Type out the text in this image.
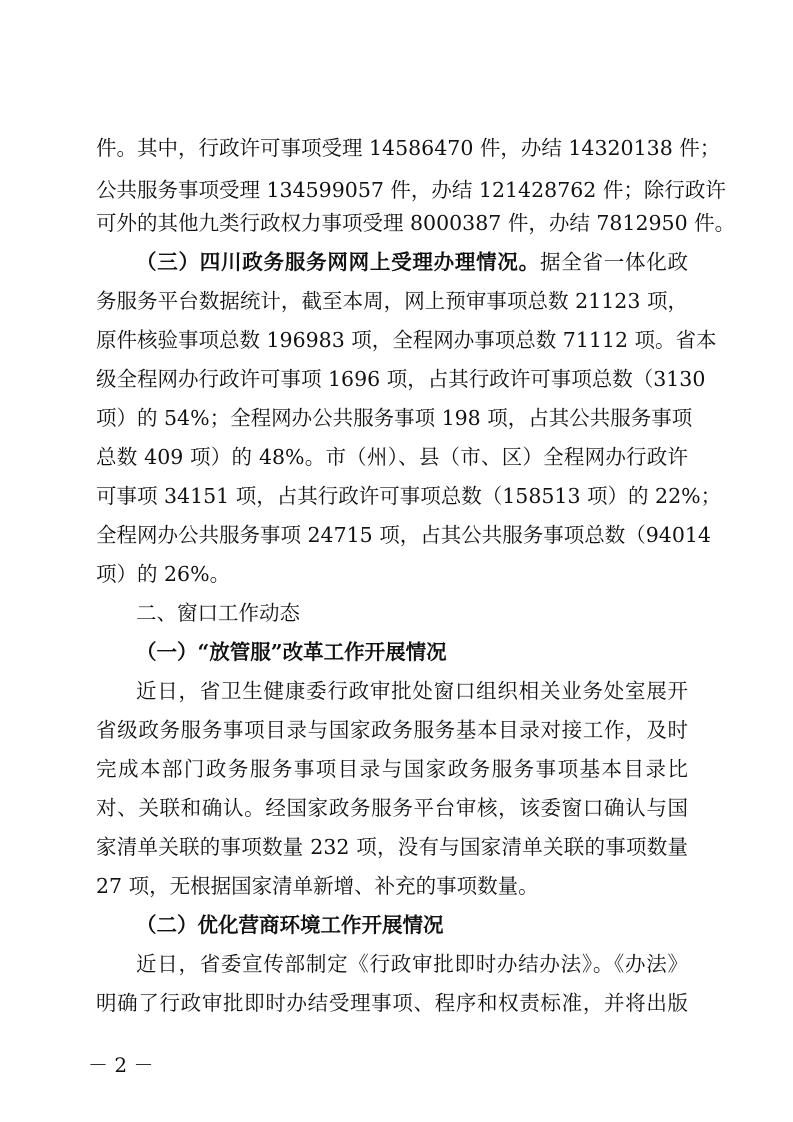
件。其中，行政许可事项受理 14586470 件，办结 14320138 件；
公共服务事项受理 134599057 件，办结 121428762 件；除行政许
可外的其他九类行政权力事项受理 8000387 件，办结 7812950 件。
（三）四川政务服务网网上受理办理情况。据全省一体化政
务服务平台数据统计，截至本周，网上预审事项总数 21123 项，
原件核验事项总数 196983 项，全程网办事项总数 71112 项。省本
级全程网办行政许可事项 1696 项，占其行政许可事项总数（3130
项）的 54%；全程网办公共服务事项 198 项，占其公共服务事项
总数 409 项）的 48%。市（州）、县（市、区）全程网办行政许
可事项 34151 项，占其行政许可事项总数（158513 项）的 22%；
全程网办公共服务事项 24715 项，占其公共服务事项总数（94014
项）的 26%。
二、窗口工作动态
（一）“放管服”改革工作开展情况
近日，省卫生健康委行政审批处窗口组织相关业务处室展开
省级政务服务事项目录与国家政务服务基本目录对接工作，及时
完成本部门政务服务事项目录与国家政务服务事项基本目录比
对、关联和确认。经国家政务服务平台审核，该委窗口确认与国
家清单关联的事项数量 232 项，没有与国家清单关联的事项数量
27 项，无根据国家清单新增、补充的事项数量。
（二）优化营商环境工作开展情况
近日，省委宣传部制定《行政审批即时办结办法》。《办法》
明确了行政审批即时办结受理事项、程序和权责标准，并将出版
－ 2 －
